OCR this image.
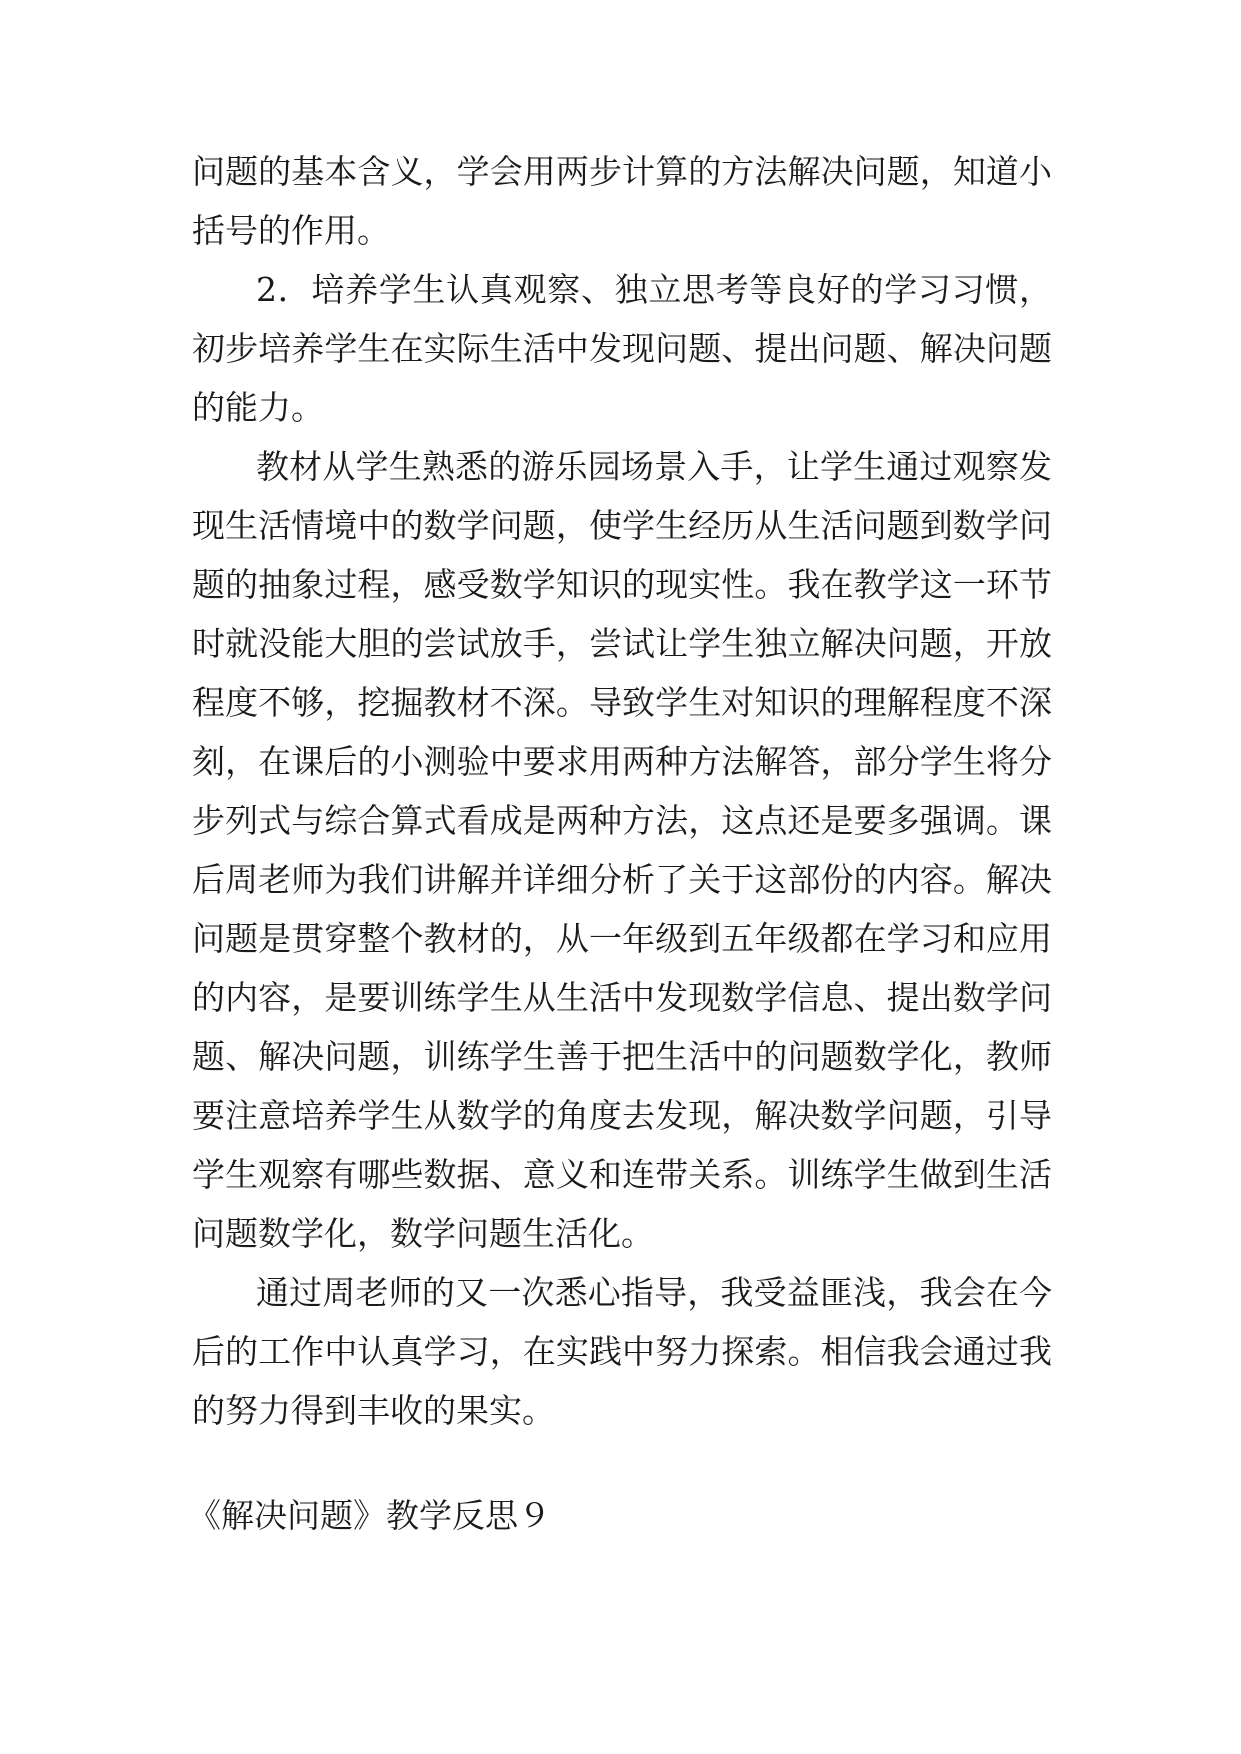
问题的基本含义，学会用两步计算的方法解决问题，知道小
括号的作用。
2．培养学生认真观察、独立思考等良好的学习习惯，
初步培养学生在实际生活中发现问题、提出问题、解决问题
的能力。
教材从学生熟悉的游乐园场景入手，让学生通过观察发
现生活情境中的数学问题，使学生经历从生活问题到数学问
题的抽象过程，感受数学知识的现实性。我在教学这一环节
时就没能大胆的尝试放手，尝试让学生独立解决问题，开放
程度不够，挖掘教材不深。导致学生对知识的理解程度不深
刻，在课后的小测验中要求用两种方法解答，部分学生将分
步列式与综合算式看成是两种方法，这点还是要多强调。课
后周老师为我们讲解并详细分析了关于这部份的内容。解决
问题是贯穿整个教材的，从一年级到五年级都在学习和应用
的内容，是要训练学生从生活中发现数学信息、提出数学问
题、解决问题，训练学生善于把生活中的问题数学化，教师
要注意培养学生从数学的角度去发现，解决数学问题，引导
学生观察有哪些数据、意义和连带关系。训练学生做到生活
问题数学化，数学问题生活化。
通过周老师的又一次悉心指导，我受益匪浅，我会在今
后的工作中认真学习，在实践中努力探索。相信我会通过我
的努力得到丰收的果实。
《解决问题》教学反思９
